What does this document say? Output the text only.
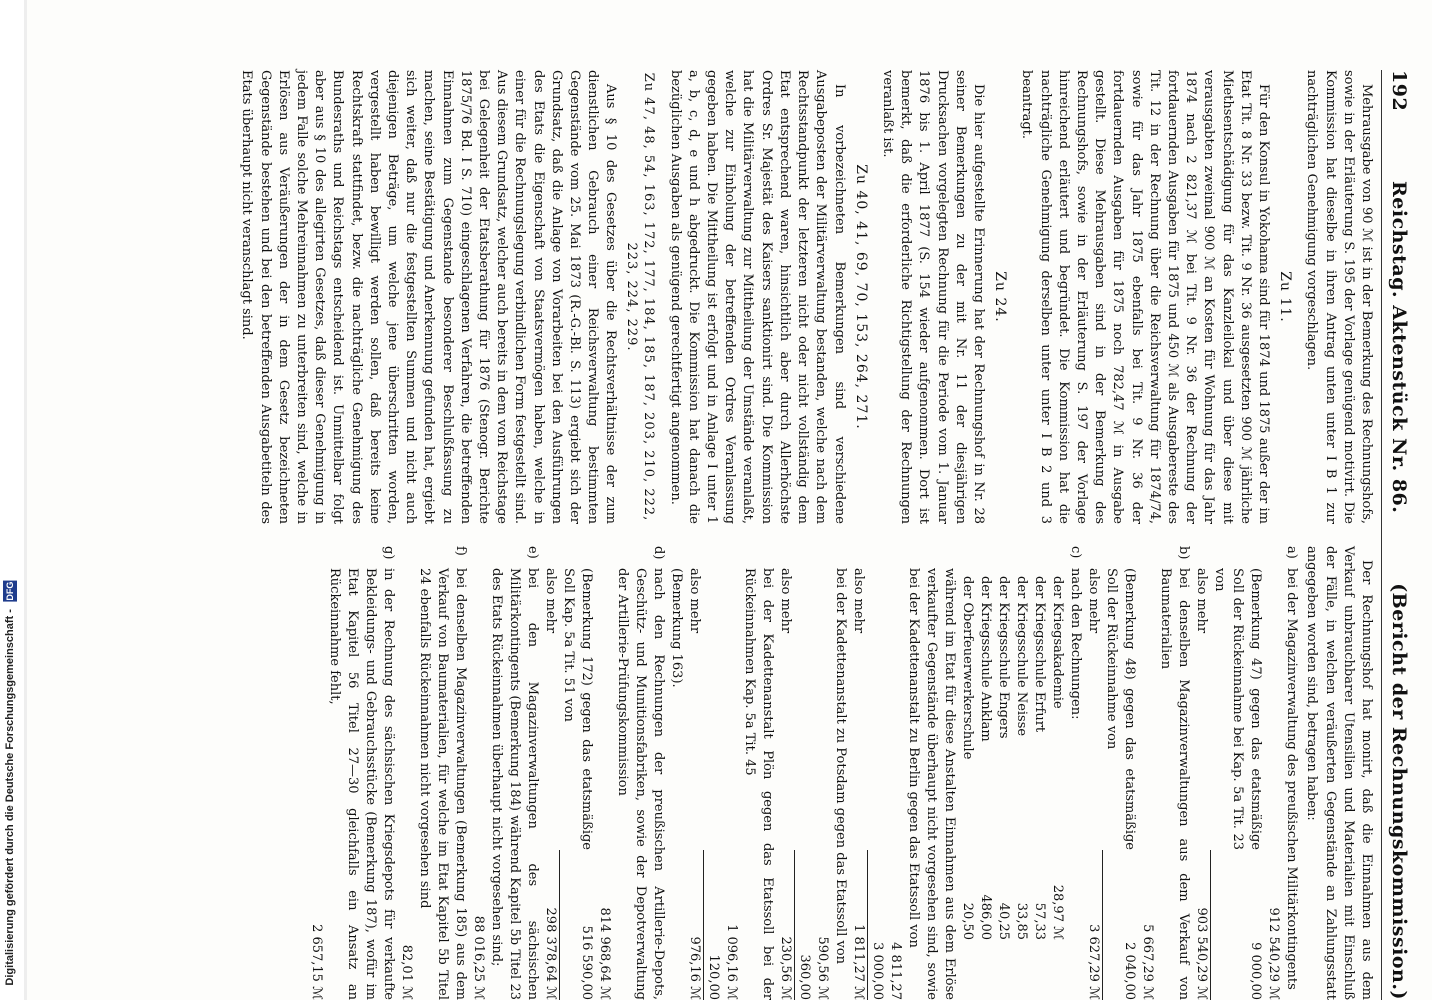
Digitalisierung gefördert durch die Deutsche Forschungsgemeinschaft - DFG
192
Reichstag. Aktenstück Nr. 86.
(Bericht der Rechnungskommission.)

Mehrausgabe von 90 ℳ ist in der Bemerkung des Rechnungshofs, sowie in der Erläuterung S. 195 der Vorlage genügend motivirt. Die Kommission hat dieselbe in ihren Antrag unten unter I B 1 zur nachträglichen Genehmigung vorgeschlagen.

Zu 11.

Für den Konsul in Yokohama sind für 1874 und 1875 außer der im Etat Tit. 8 Nr. 33 bezw. Tit. 9 Nr. 36 ausgesetzten 900 ℳ jährliche Miethsentschädigung für das Kanzleilokal und über diese mit verausgabten zweimal 900 ℳ an Kosten für Wohnung für das Jahr 1874 nach 2 821,37 ℳ bei Tit. 9 Nr. 36 der Rechnung der fortdauernden Ausgaben für 1875 und 450 ℳ als Ausgabereste des Tit. 12 in der Rechnung über die Reichsverwaltung für 1874/74, sowie für das Jahr 1875 ebenfalls bei Tit. 9 Nr. 36 der fortdauernden Ausgaben für 1875 noch 782,47 ℳ in Ausgabe gestellt. Diese Mehrausgaben sind in der Bemerkung des Rechnungshofs, sowie in der Erläuterung S. 197 der Vorlage hinreichend erläutert und begründet. Die Kommission hat die nachträgliche Genehmigung derselben unter unter I B 2 und 3 beantragt.

Zu 24.

Die hier aufgestellte Erinnerung hat der Rechnungshof in Nr. 28 seiner Bemerkungen zu der mit Nr. 11 der diesjährigen Drucksachen vorgelegten Rechnung für die Periode vom 1. Januar 1876 bis 1. April 1877 (S. 154 wieder aufgenommen. Dort ist bemerkt, daß die erforderliche Richtigstellung der Rechnungen veranlaßt ist.

Zu 40, 41, 69, 70, 153, 264, 271.

In vorbezeichneten Bemerkungen sind verschiedene Ausgabeposten der Militärverwaltung bestanden, welche nach dem Rechtsstandpunkt der letzteren nicht oder nicht vollständig dem Etat entsprechend waren, hinsichtlich aber durch Allerhöchste Ordres Sr. Majestät des Kaisers sanktionirt sind. Die Kommission hat die Militärverwaltung zur Mittheilung der Umstände veranlaßt, welche zur Einholung der betreffenden Ordres Veranlassung gegeben haben. Die Mittheilung ist erfolgt und in Anlage I unter 1 a, b, c, d, e und h abgedruckt. Die Kommission hat danach die bezüglichen Ausgaben als genügend gerechtfertigt angenommen.

Zu 47, 48, 54, 163, 172, 177, 184, 185, 187, 203, 210, 222, 223, 224, 229.

Aus § 10 des Gesetzes über die Rechtsverhältnisse der zum dienstlichen Gebrauch einer Reichsverwaltung bestimmten Gegenstände vom 25. Mai 1873 (R.-G.-Bl. S. 113) ergiebt sich der Grundsatz, daß die Anlage von Vorarbeiten bei den Ausführungen des Etats die Eigenschaft von Staatsvermögen haben, welche in einer für die Rechnungslegung verbindlichen Form festgestellt sind. Aus diesem Grundsatz, welcher auch bereits in dem vom Reichstage bei Gelegenheit der Etatsberathung für 1876 (Stenogr. Berichte 1875/76 Bd. I S. 710) eingeschlagenen Verfahren, die betreffenden Einnahmen zum Gegenstande besonderer Beschlußfassung zu machen, seine Bestätigung und Anerkennung gefunden hat, ergiebt sich weiter, daß nur die festgestellten Summen und nicht auch diejenigen Beträge, um welche jene überschritten worden, vergestellt haben bewilligt werden sollen, daß bereits keine Rechtskraft stattfindet, bezw. die nachträgliche Genehmigung des Bundesraths und Reichstags entscheidend ist. Unmittelbar folgt aber aus § 10 des allegirten Gesetzes, daß dieser Genehmigung in jedem Falle solche Mehreinnahmen zu unterbreiten sind, welche in Erlösen aus Veräußerungen der in dem Gesetz bezeichneten Gegenstände bestehen und bei den betreffenden Ausgabetiteln des Etats überhaupt nicht veranschlagt sind.

Der Rechnungshof hat monirt, daß die Einnahmen aus dem Verkauf unbrauchbarer Utensilien und Materialien mit Einschluß der Fälle, in welchen veräußerten Gegenstände an Zahlungsstatt angegeben worden sind, betragen haben:

a)
bei der Magazinverwaltung des preußischen Militärkontingents
912 540,29 ℳ
(Bemerkung 47) gegen das etatsmäßige Soll der Rückeinnahme bei Kap. 5a Tit. 23 von
9 000,00
also mehr
903 540,29 ℳ
b)
bei denselben Magazinverwaltungen aus dem Verkauf von Baumaterialien
5 667,29 ℳ
(Bemerkung 48) gegen das etatsmäßige Soll der Rückeinnahme von
2 040,00
also mehr
3 627,29 ℳ
c)
nach den Rechnungen:
der Kriegsakademie
28,97 ℳ
der Kriegsschule Erfurt
57,33
der Kriegsschule Neisse
33,85
der Kriegsschule Engers
40,25
der Kriegsschule Anklam
486,00
der Oberfeuerwerkerschule
20,50
während im Etat für diese Anstalten Einnahmen aus dem Erlöse verkaufter Gegenstände überhaupt nicht vorgesehen sind, sowie bei der Kadettenanstalt zu Berlin gegen das Etatssoll von
4 811,27
3 000,00
also mehr
1 811,27 ℳ
bei der Kadettenanstalt zu Potsdam gegen das Etatssoll von
590,56 ℳ
360,00
also mehr
230,56 ℳ
bei der Kadettenanstalt Plön gegen das Etatssoll bei der Rückeinnahmen Kap. 5a Tit. 45
1 096,16 ℳ
120,00
also mehr
976,16 ℳ
(Bemerkung 163).
d)
nach den Rechnungen der preußischen Artillerie-Depots, Geschütz- und Munitionsfabriken, sowie der Depotverwaltung der Artillerie-Prüfungskommission
814 968,64 ℳ
(Bemerkung 172) gegen das etatsmäßige Soll Kap. 5a Tit. 51 von
516 590,00
also mehr
298 378,64 ℳ
e)
bei den Magazinverwaltungen des sächsischen Militärkontingents (Bemerkung 184) während Kapitel 5b Titel 23 des Etats Rückeinnahmen überhaupt nicht vorgesehen sind;
88 016,25 ℳ
f)
bei denselben Magazinverwaltungen (Bemerkung 185) aus dem Verkauf von Baumaterialien, für welche im Etat Kapitel 5b Titel 24 ebenfalls Rückeinnahmen nicht vorgesehen sind
82,01 ℳ
g)
in der Rechnung des sächsischen Kriegsdepots für verkaufte Bekleidungs- und Gebrauchsstücke (Bemerkung 187), wofür im Etat Kapitel 56 Titel 27—30 gleichfalls ein Ansatz an Rückeinnahme fehlt,
2 657,15 ℳ
